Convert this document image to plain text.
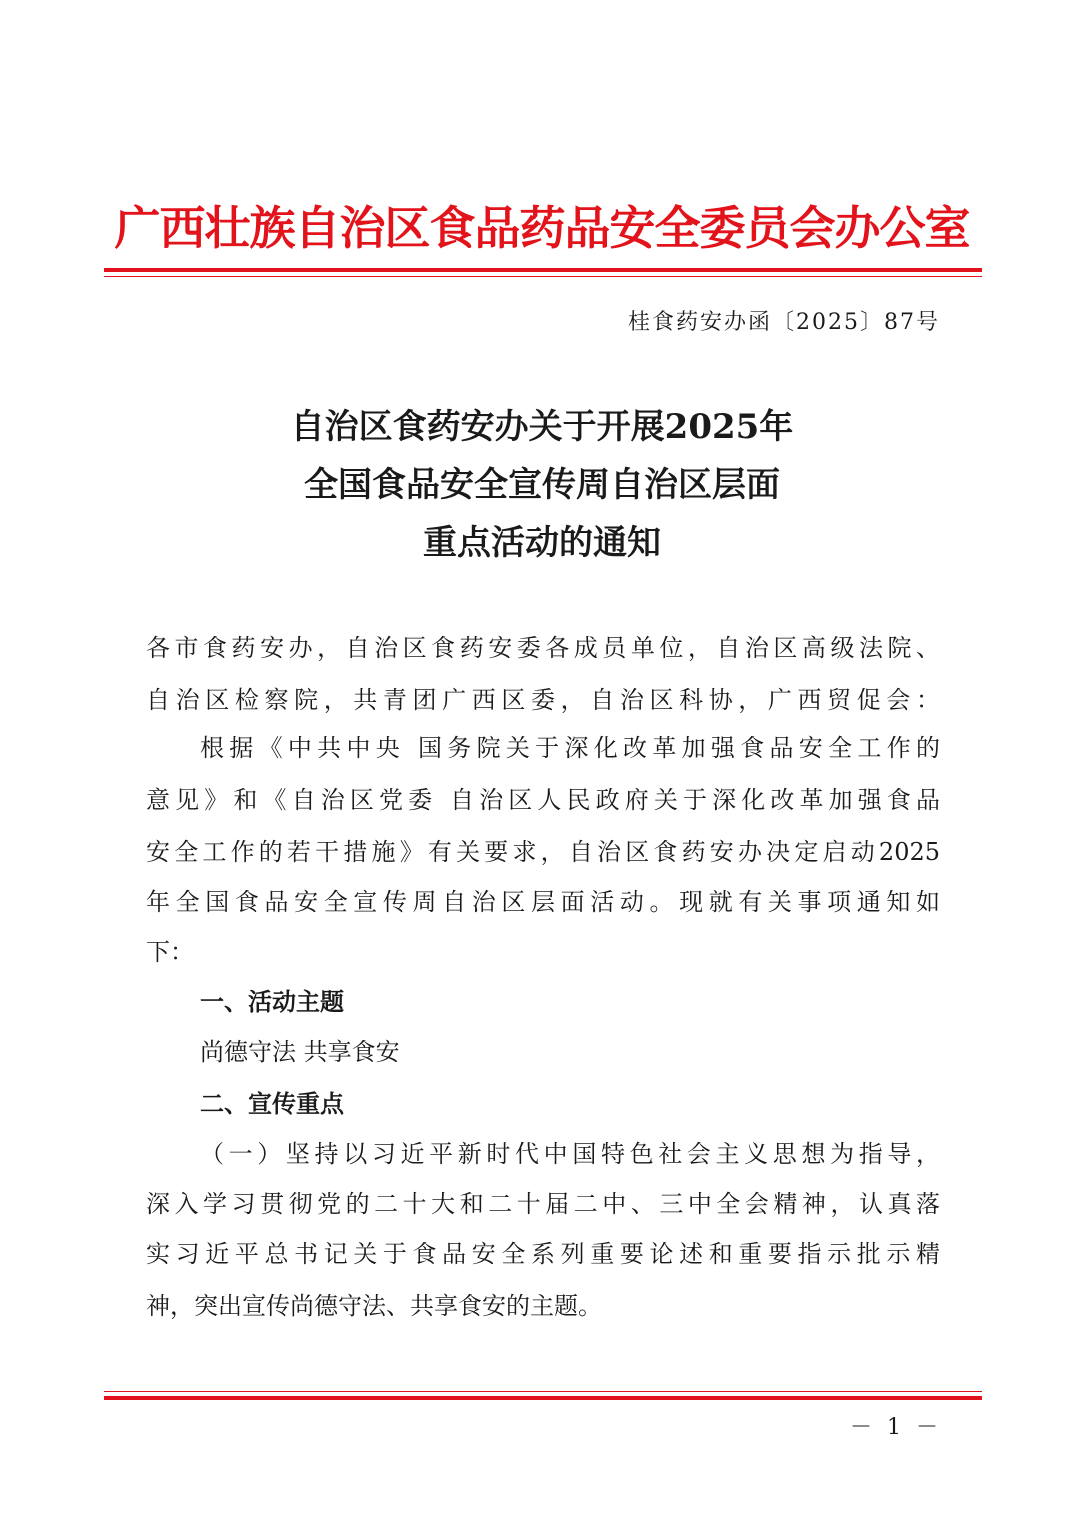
广西壮族自治区食品药品安全委员会办公室
桂食药安办函〔2025〕87号
自治区食药安办关于开展2025年
全国食品安全宣传周自治区层面
重点活动的通知
各市食药安办，自治区食药安委各成员单位，自治区高级法院、
自治区检察院，共青团广西区委，自治区科协，广西贸促会：
根据《中共中央 国务院关于深化改革加强食品安全工作的
意见》和《自治区党委 自治区人民政府关于深化改革加强食品
安全工作的若干措施》有关要求，自治区食药安办决定启动2025
年全国食品安全宣传周自治区层面活动。现就有关事项通知如
下：
一、活动主题
尚德守法 共享食安
二、宣传重点
（一）坚持以习近平新时代中国特色社会主义思想为指导，
深入学习贯彻党的二十大和二十届二中、三中全会精神，认真落
实习近平总书记关于食品安全系列重要论述和重要指示批示精
神，突出宣传尚德守法、共享食安的主题。
－ 1 －
